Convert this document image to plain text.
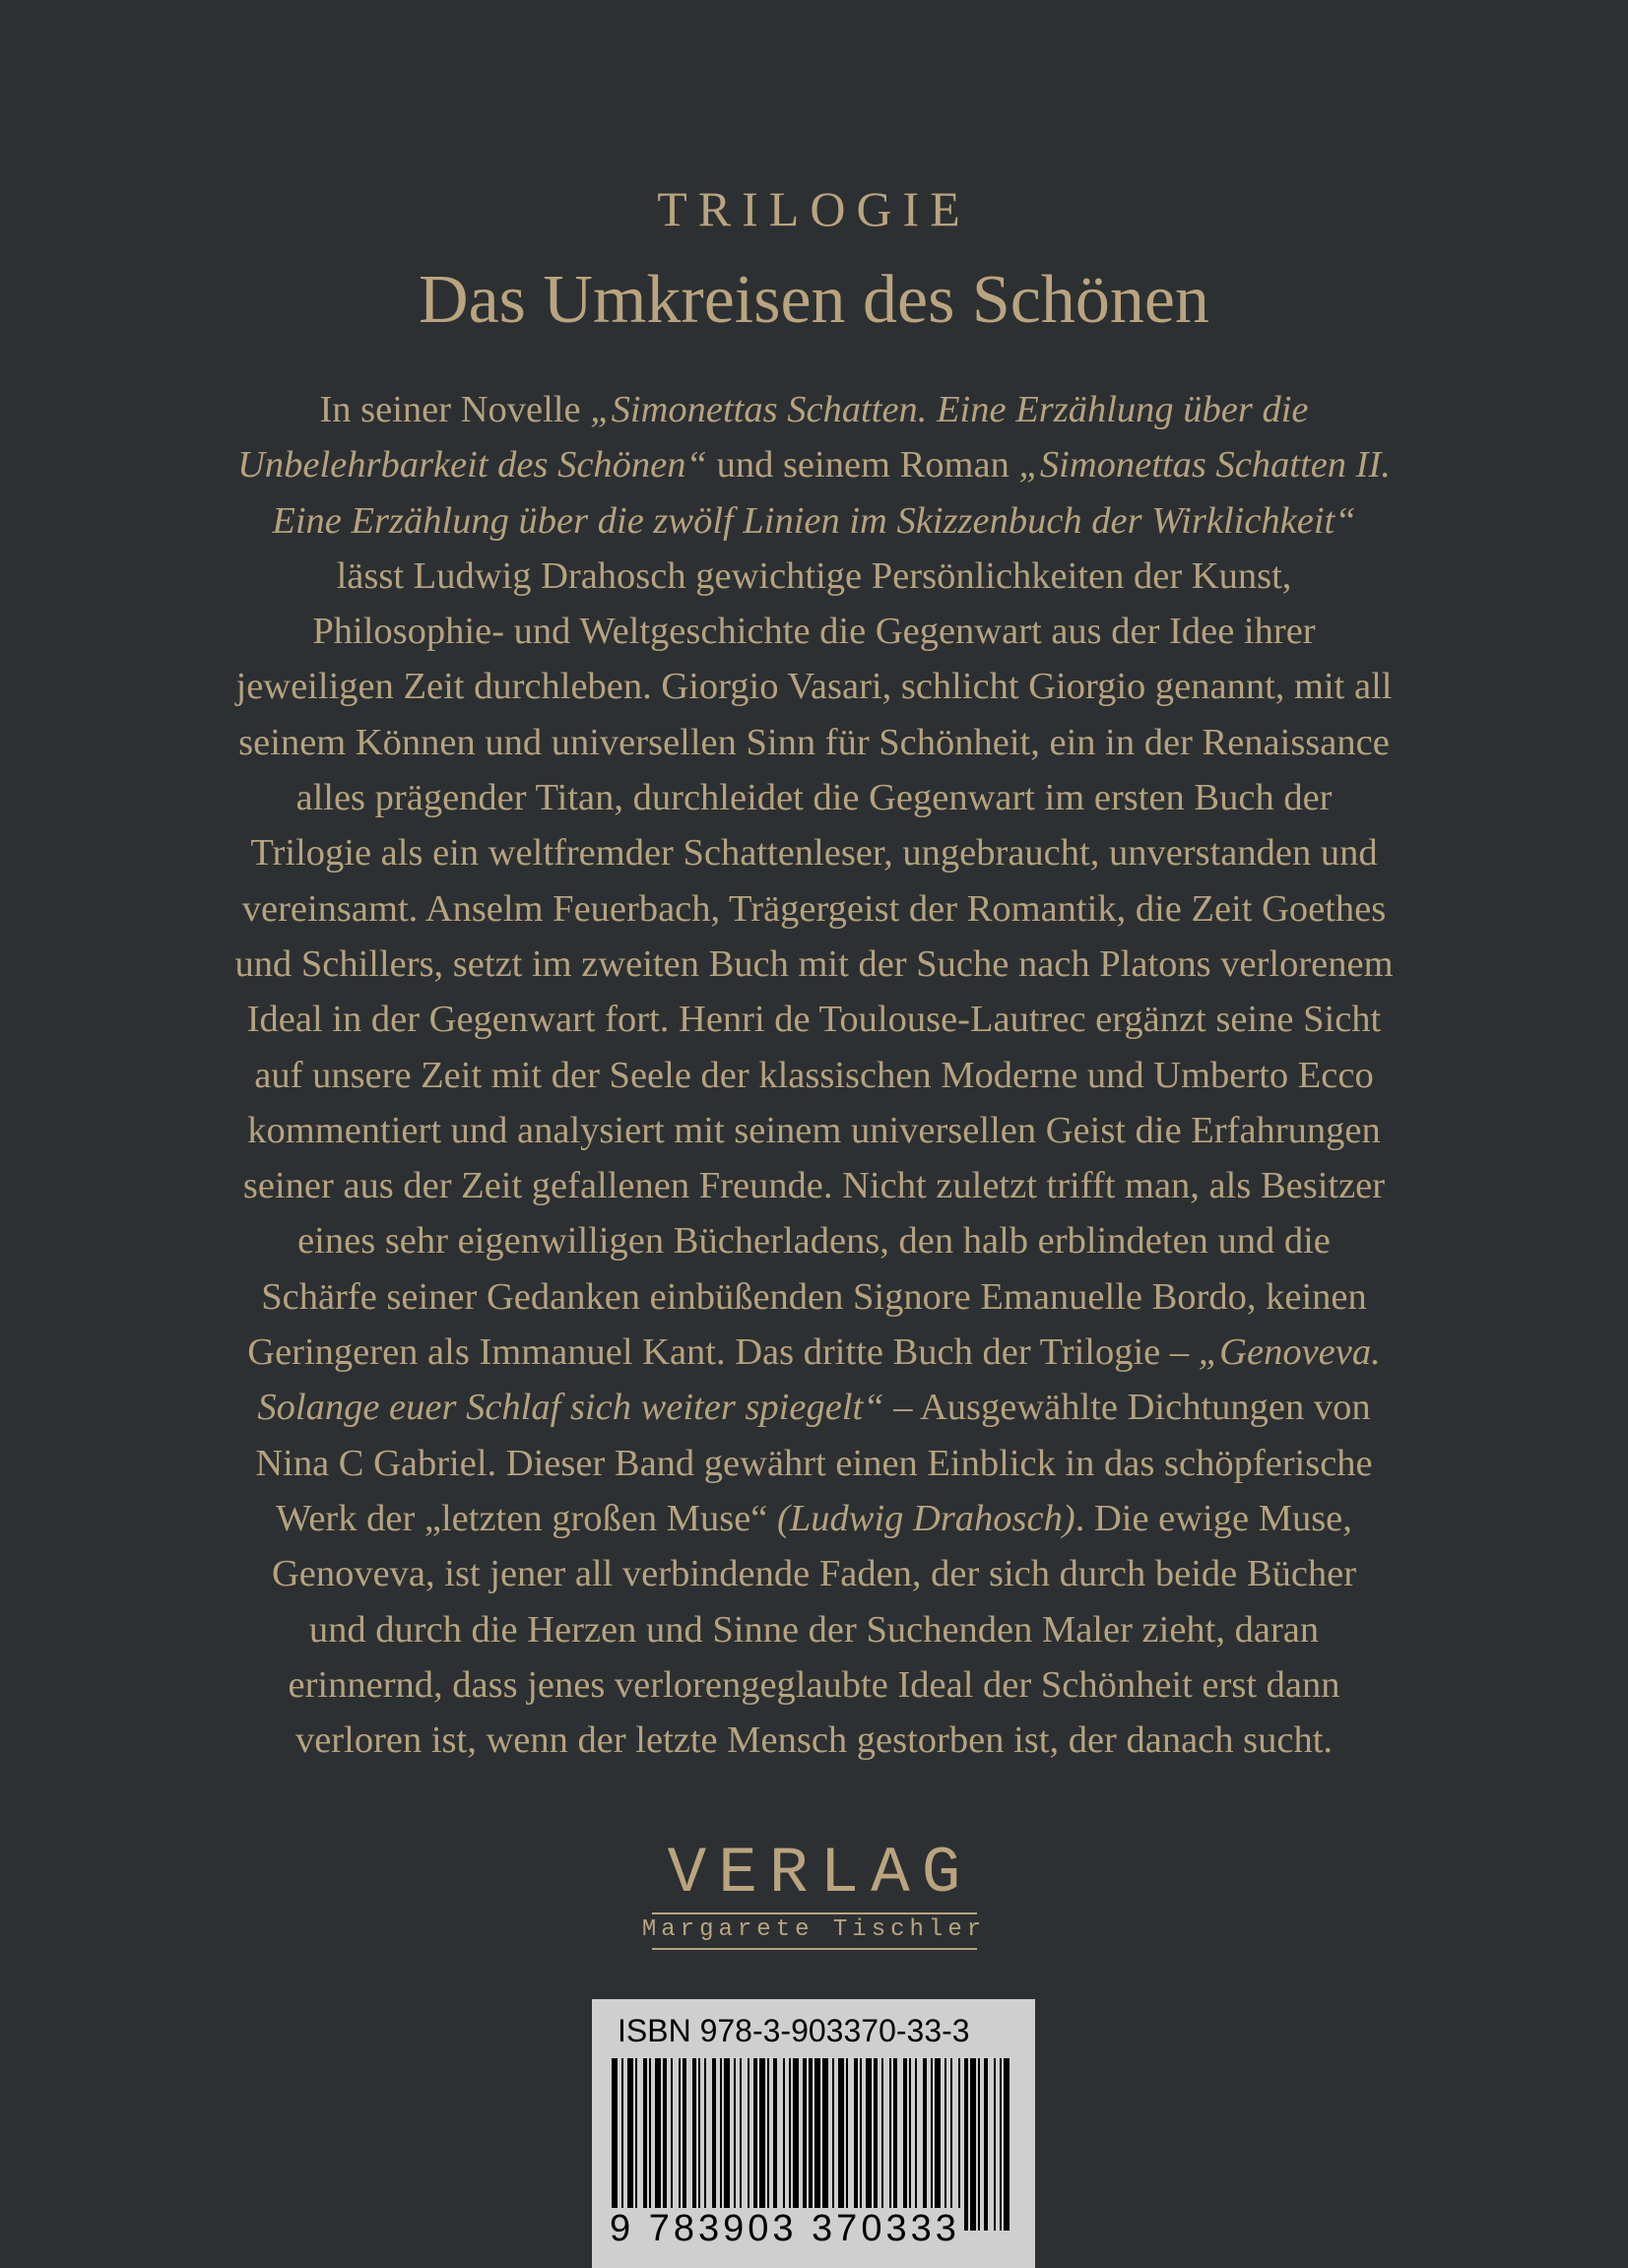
TRILOGIE
Das Umkreisen des Schönen
In seiner Novelle „Simonettas Schatten. Eine Erzählung über die
Unbelehrbarkeit des Schönen“ und seinem Roman „Simonettas Schatten II.
Eine Erzählung über die zwölf Linien im Skizzenbuch der Wirklichkeit“
lässt Ludwig Drahosch gewichtige Persönlichkeiten der Kunst,
Philosophie- und Weltgeschichte die Gegenwart aus der Idee ihrer
jeweiligen Zeit durchleben. Giorgio Vasari, schlicht Giorgio genannt, mit all
seinem Können und universellen Sinn für Schönheit, ein in der Renaissance
alles prägender Titan, durchleidet die Gegenwart im ersten Buch der
Trilogie als ein weltfremder Schattenleser, ungebraucht, unverstanden und
vereinsamt. Anselm Feuerbach, Trägergeist der Romantik, die Zeit Goethes
und Schillers, setzt im zweiten Buch mit der Suche nach Platons verlorenem
Ideal in der Gegenwart fort. Henri de Toulouse-Lautrec ergänzt seine Sicht
auf unsere Zeit mit der Seele der klassischen Moderne und Umberto Ecco
kommentiert und analysiert mit seinem universellen Geist die Erfahrungen
seiner aus der Zeit gefallenen Freunde. Nicht zuletzt trifft man, als Besitzer
eines sehr eigenwilligen Bücherladens, den halb erblindeten und die
Schärfe seiner Gedanken einbüßenden Signore Emanuelle Bordo, keinen
Geringeren als Immanuel Kant. Das dritte Buch der Trilogie – „Genoveva.
Solange euer Schlaf sich weiter spiegelt“ – Ausgewählte Dichtungen von
Nina C Gabriel. Dieser Band gewährt einen Einblick in das schöpferische
Werk der „letzten großen Muse“ (Ludwig Drahosch). Die ewige Muse,
Genoveva, ist jener all verbindende Faden, der sich durch beide Bücher
und durch die Herzen und Sinne der Suchenden Maler zieht, daran
erinnernd, dass jenes verlorengeglaubte Ideal der Schönheit erst dann
verloren ist, wenn der letzte Mensch gestorben ist, der danach sucht.
VERLAG
Margarete Tischler
ISBN 978-3-903370-33-3
9 783903 370333
